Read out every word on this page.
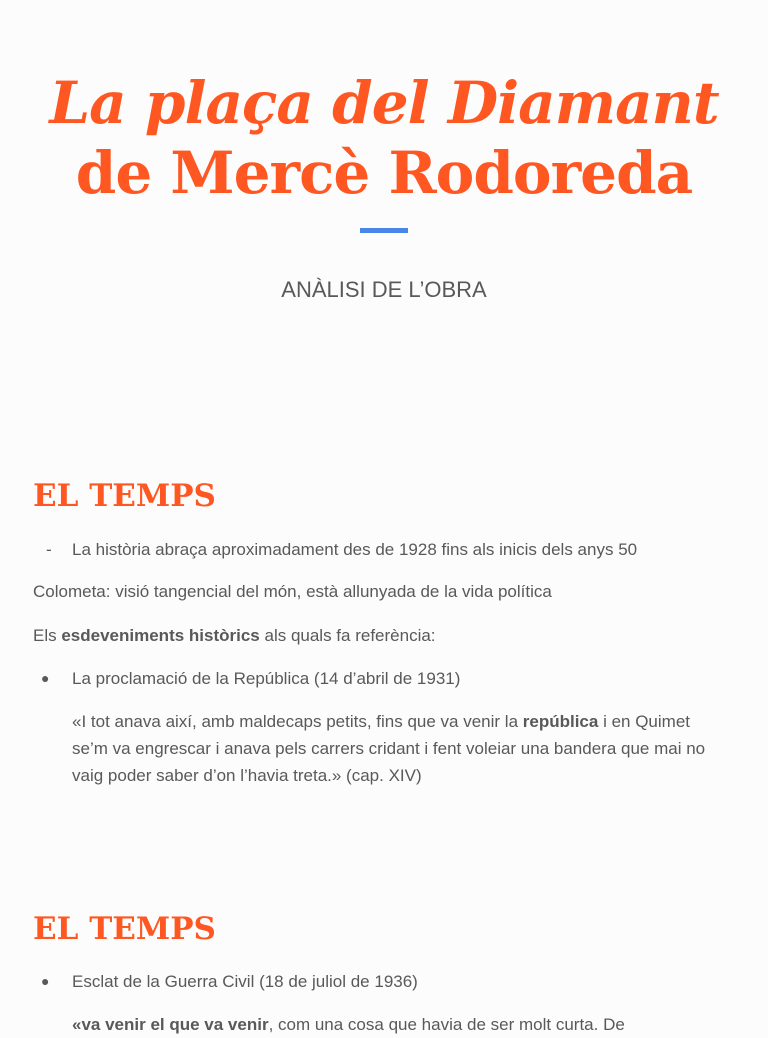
La plaça del Diamant
de Mercè Rodoreda
ANÀLISI DE L’OBRA
EL TEMPS
- La història abraça aproximadament des de 1928 fins als inicis dels anys 50
Colometa: visió tangencial del món, està allunyada de la vida política
Els esdeveniments històrics als quals fa referència:
● La proclamació de la República (14 d’abril de 1931)
«I tot anava així, amb maldecaps petits, fins que va venir la república i en Quimet se’m va engrescar i anava pels carrers cridant i fent voleiar una bandera que mai no vaig poder saber d’on l’havia treta.» (cap. XIV)
EL TEMPS
● Esclat de la Guerra Civil (18 de juliol de 1936)
«va venir el que va venir, com una cosa que havia de ser molt curta. De
